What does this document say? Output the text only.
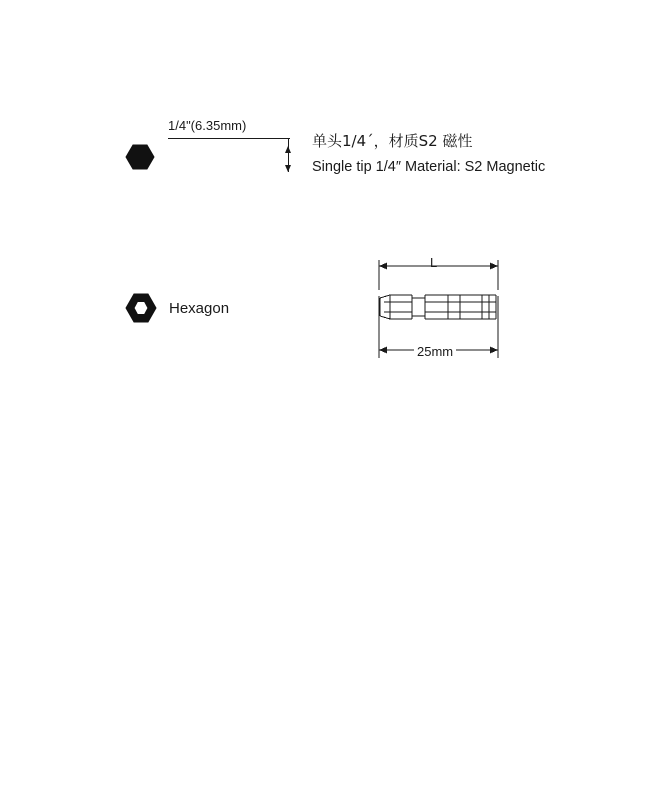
1/4"(6.35mm)
Hexagon
单头1/4ˊ，材质S2 磁性
Single tip 1/4″ Material: S2 Magnetic
L
25mm
